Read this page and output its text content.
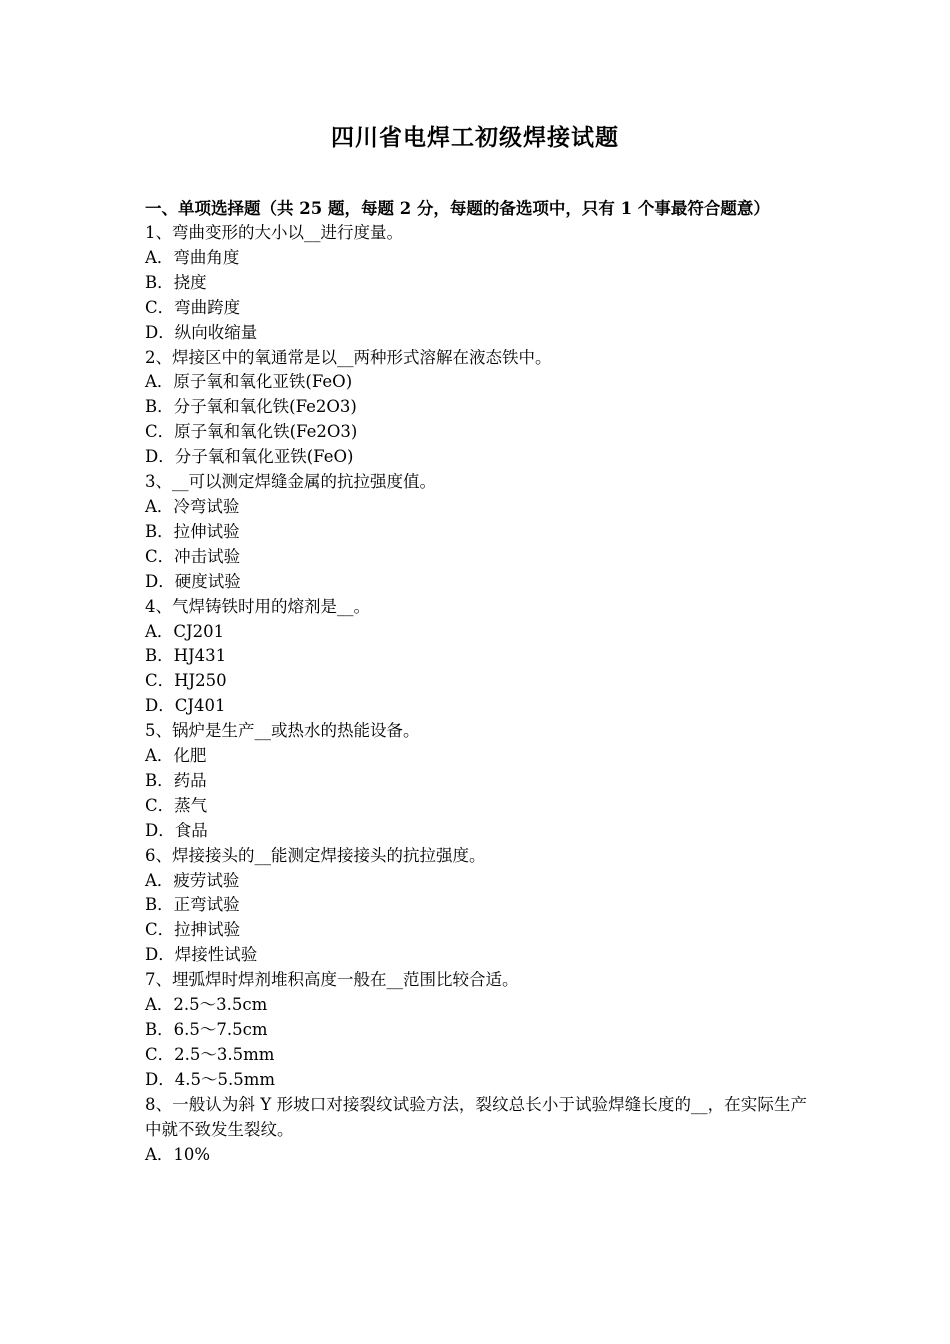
四川省电焊工初级焊接试题
一、单项选择题（共 25 题，每题 2 分，每题的备选项中，只有 1 个事最符合题意）
1、弯曲变形的大小以__进行度量。
A．弯曲角度
B．挠度
C．弯曲跨度
D．纵向收缩量
2、焊接区中的氧通常是以__两种形式溶解在液态铁中。
A．原子氧和氧化亚铁(FeO)
B．分子氧和氧化铁(Fe2O3)
C．原子氧和氧化铁(Fe2O3)
D．分子氧和氧化亚铁(FeO)
3、__可以测定焊缝金属的抗拉强度值。
A．冷弯试验
B．拉伸试验
C．冲击试验
D．硬度试验
4、气焊铸铁时用的熔剂是__。
A．CJ201
B．HJ431
C．HJ250
D．CJ401
5、锅炉是生产__或热水的热能设备。
A．化肥
B．药品
C．蒸气
D．食品
6、焊接接头的__能测定焊接接头的抗拉强度。
A．疲劳试验
B．正弯试验
C．拉抻试验
D．焊接性试验
7、埋弧焊时焊剂堆积高度一般在__范围比较合适。
A．2.5～3.5cm
B．6.5～7.5cm
C．2.5～3.5mm
D．4.5～5.5mm
8、一般认为斜 Y 形坡口对接裂纹试验方法，裂纹总长小于试验焊缝长度的__，在实际生产中就不致发生裂纹。
A．10%
